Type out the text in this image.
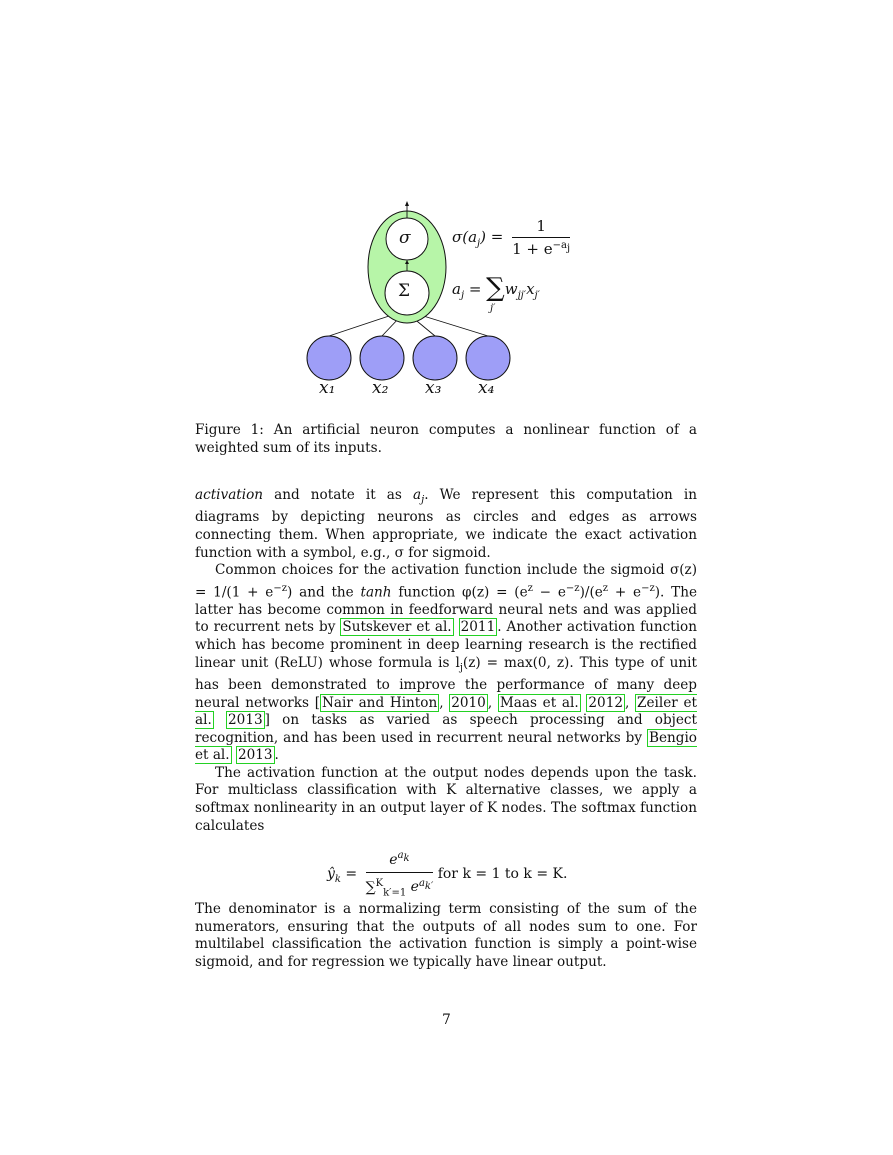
σ
Σ
x₁ x₂ x₃ x₄
$\sigma(a_j) = \frac{1}{1 + e^{-a_j}}$
$a_j = \sum w_{jj'}x_{j'}$
j′
Figure 1: An artificial neuron computes a nonlinear function of a weighted sum of its inputs.

activation and notate it as $a_j$. We represent this computation in diagrams by depicting neurons as circles and edges as arrows connecting them. When appropriate, we indicate the exact activation function with a symbol, e.g., σ for sigmoid.

Common choices for the activation function include the sigmoid $\sigma(z) = 1/(1 + e^{-z})$ and the tanh function $\varphi(z) = (e^z - e^{-z})/(e^z + e^{-z})$. The latter has become common in feedforward neural nets and was applied to recurrent nets by Sutskever et al. 2011 . Another activation function which has become prominent in deep learning research is the rectified linear unit (ReLU) whose formula is $l_j(z) = \max(0$, z). This type of unit has been demonstrated to improve the performance of many deep neural networks [ Nair and Hinton , 2010 , Maas et al. 2012 , Zeiler et al. 2013 ] on tasks as varied as speech processing and object recognition, and has been used in recurrent neural networks by Bengio et al. 2013 .

The activation function at the output nodes depends upon the task. For multiclass classification with K alternative classes, we apply a softmax nonlinearity in an output layer of K nodes. The softmax function calculates

$ŷ_k = \frac{e^{a_k}}{\sum^K_{k'=1} e^{a_{k'}}}$ for k = 1 to k = K.

The denominator is a normalizing term consisting of the sum of the numerators, ensuring that the outputs of all nodes sum to one. For multilabel classification the activation function is simply a point-wise sigmoid, and for regression we typically have linear output.

7
